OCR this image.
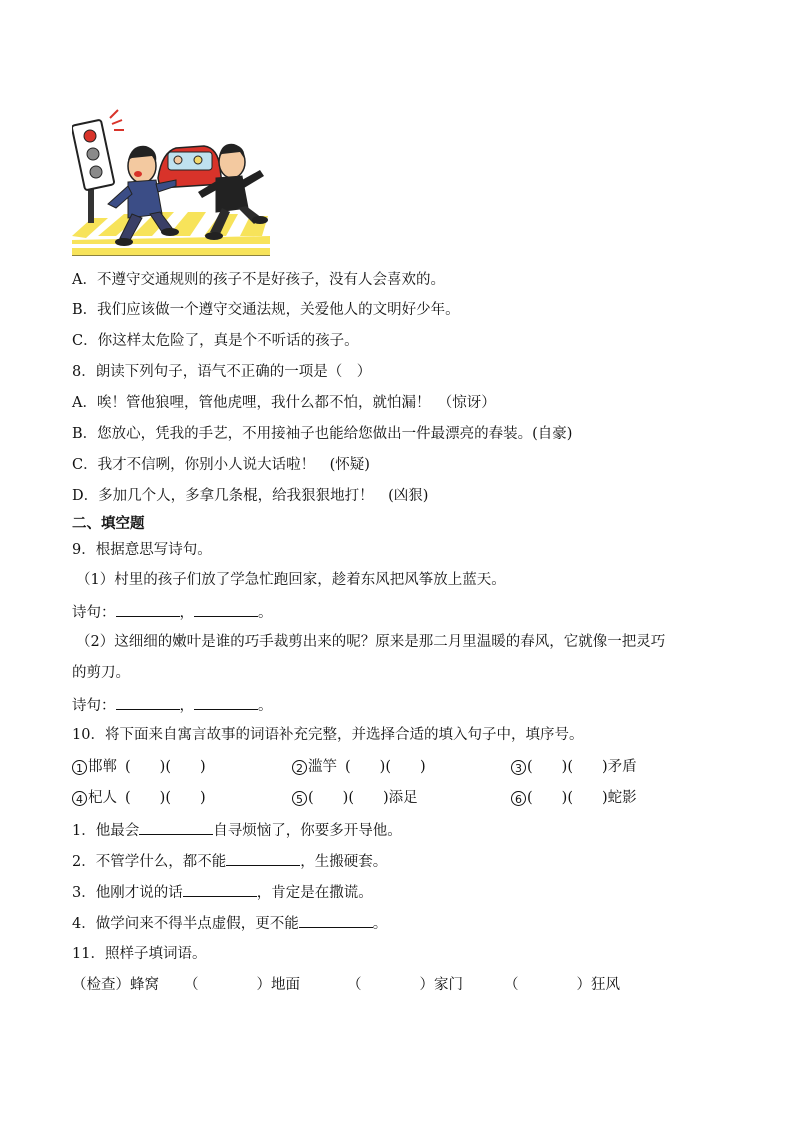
A．不遵守交通规则的孩子不是好孩子，没有人会喜欢的。
B．我们应该做一个遵守交通法规，关爱他人的文明好少年。
C．你这样太危险了，真是个不听话的孩子。
8．朗读下列句子，语气不正确的一项是（　）
A．唉！管他狼哩，管他虎哩，我什么都不怕，就怕漏！　（惊讶）
B．您放心，凭我的手艺，不用接袖子也能给您做出一件最漂亮的春装。(自豪)
C．我才不信咧，你别小人说大话啦！　(怀疑)
D．多加几个人，多拿几条棍，给我狠狠地打！　(凶狠)
二、填空题
9．根据意思写诗句。
（1）村里的孩子们放了学急忙跑回家，趁着东风把风筝放上蓝天。
诗句：	，	。
（2）这细细的嫩叶是谁的巧手裁剪出来的呢？原来是那二月里温暖的春风，它就像一把灵巧
的剪刀。
诗句：	，	。
10．将下面来自寓言故事的词语补充完整，并选择合适的填入句子中，填序号。
1 邯郸 (　　)(　　)	2 滥竽 (　　)(　　)	3 (　　)(　　)矛盾
4 杞人 (　　)(　　)	5 (　　)(　　)添足	6 (　　)(　　)蛇影
1．他最会	自寻烦恼了，你要多开导他。
2．不管学什么，都不能	，生搬硬套。
3．他刚才说的话	，肯定是在撒谎。
4．做学问来不得半点虚假，更不能	。
11．照样子填词语。
（检查）蜂窝 （　　　　）地面	（　　　　）家门	（　　　　）狂风
